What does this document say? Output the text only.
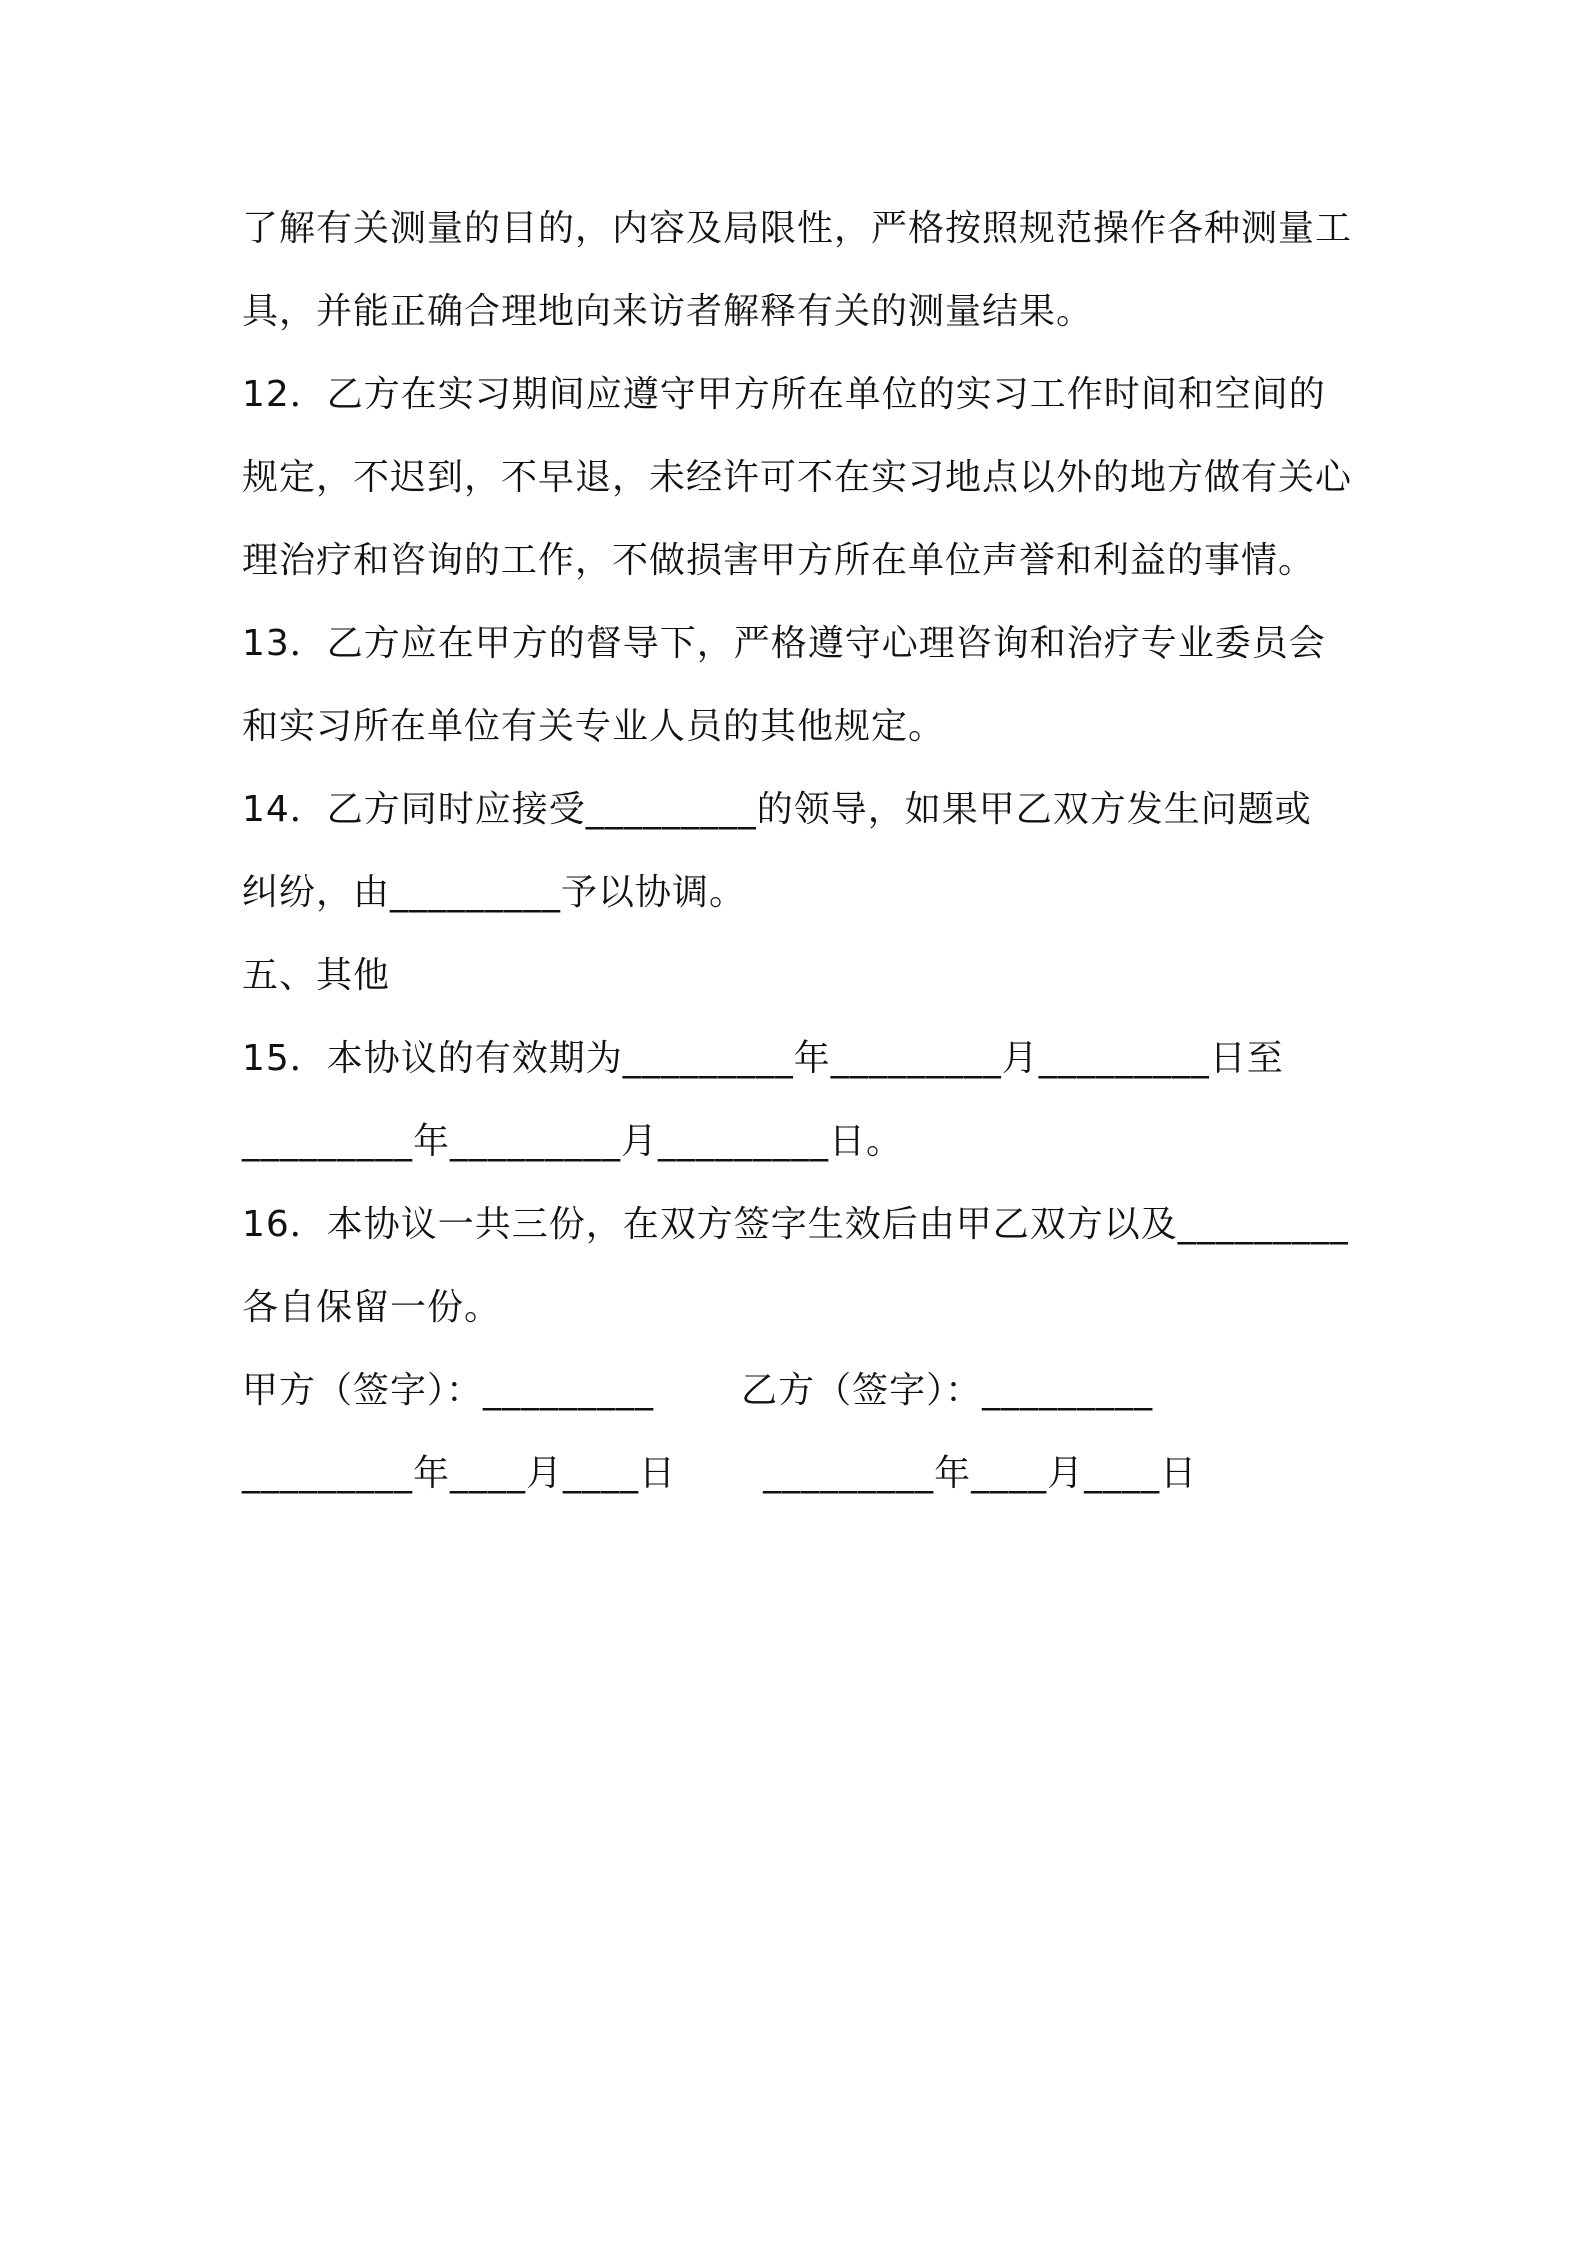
了解有关测量的目的，内容及局限性，严格按照规范操作各种测量工
具，并能正确合理地向来访者解释有关的测量结果。
12．乙方在实习期间应遵守甲方所在单位的实习工作时间和空间的
规定，不迟到，不早退，未经许可不在实习地点以外的地方做有关心
理治疗和咨询的工作，不做损害甲方所在单位声誉和利益的事情。
13．乙方应在甲方的督导下，严格遵守心理咨询和治疗专业委员会
和实习所在单位有关专业人员的其他规定。
14．乙方同时应接受_________的领导，如果甲乙双方发生问题或
纠纷，由_________予以协调。
五、其他
15．本协议的有效期为_________年_________月_________日至
_________年_________月_________日。
16．本协议一共三份，在双方签字生效后由甲乙双方以及_________
各自保留一份。
甲方（签字）：_________       乙方（签字）：_________
_________年____月____日       _________年____月____日
